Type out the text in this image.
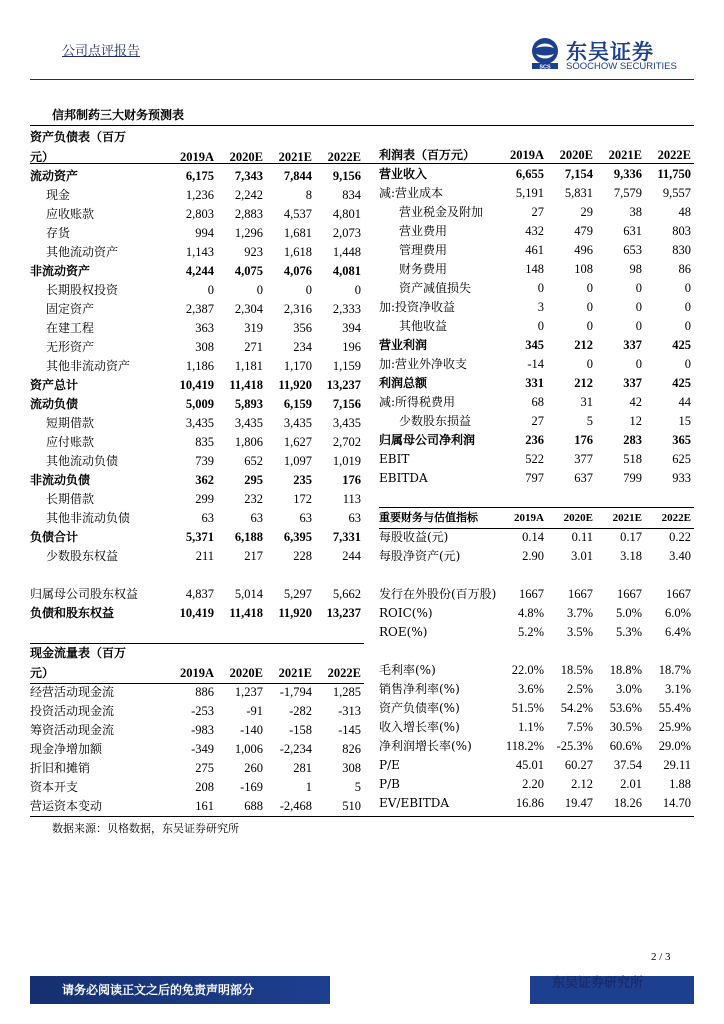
公司点评报告
SCS
东吴证券
SOOCHOW SECURITIES
信邦制药三大财务预测表
资产负债表（百万				
元）	2019A	2020E	2021E	2022E
流动资产	6,175	7,343	7,844	9,156
现金	1,236	2,242	8	834
应收账款	2,803	2,883	4,537	4,801
存货	994	1,296	1,681	2,073
其他流动资产	1,143	923	1,618	1,448
非流动资产	4,244	4,075	4,076	4,081
长期股权投资	0	0	0	0
固定资产	2,387	2,304	2,316	2,333
在建工程	363	319	356	394
无形资产	308	271	234	196
其他非流动资产	1,186	1,181	1,170	1,159
资产总计	10,419	11,418	11,920	13,237
流动负债	5,009	5,893	6,159	7,156
短期借款	3,435	3,435	3,435	3,435
应付账款	835	1,806	1,627	2,702
其他流动负债	739	652	1,097	1,019
非流动负债	362	295	235	176
长期借款	299	232	172	113
其他非流动负债	63	63	63	63
负债合计	5,371	6,188	6,395	7,331
少数股东权益	211	217	228	244
归属母公司股东权益	4,837	5,014	5,297	5,662
负债和股东权益	10,419	11,418	11,920	13,237
利润表（百万元）	2019A	2020E	2021E	2022E
营业收入	6,655	7,154	9,336	11,750
减:营业成本	5,191	5,831	7,579	9,557
营业税金及附加	27	29	38	48
营业费用	432	479	631	803
管理费用	461	496	653	830
财务费用	148	108	98	86
资产减值损失	0	0	0	0
加:投资净收益	3	0	0	0
其他收益	0	0	0	0
营业利润	345	212	337	425
加:营业外净收支	-14	0	0	0
利润总额	331	212	337	425
减:所得税费用	68	31	42	44
少数股东损益	27	5	12	15
归属母公司净利润	236	176	283	365
EBIT	522	377	518	625
EBITDA	797	637	799	933
重要财务与估值指标	2019A	2020E	2021E	2022E
每股收益(元)	0.14	0.11	0.17	0.22
每股净资产(元)	2.90	3.01	3.18	3.40
发行在外股份(百万股)	1667	1667	1667	1667
ROIC(%)	4.8%	3.7%	5.0%	6.0%
ROE(%)	5.2%	3.5%	5.3%	6.4%
毛利率(%)	22.0%	18.5%	18.8%	18.7%
销售净利率(%)	3.6%	2.5%	3.0%	3.1%
资产负债率(%)	51.5%	54.2%	53.6%	55.4%
收入增长率(%)	1.1%	7.5%	30.5%	25.9%
净利润增长率(%)	118.2%	-25.3%	60.6%	29.0%
P/E	45.01	60.27	37.54	29.11
P/B	2.20	2.12	2.01	1.88
EV/EBITDA	16.86	19.47	18.26	14.70
现金流量表（百万				
元）	2019A	2020E	2021E	2022E
经营活动现金流	886	1,237	-1,794	1,285
投资活动现金流	-253	-91	-282	-313
筹资活动现金流	-983	-140	-158	-145
现金净增加额	-349	1,006	-2,234	826
折旧和摊销	275	260	281	308
资本开支	208	-169	1	5
营运资本变动	161	688	-2,468	510
数据来源：贝格数据，东吴证券研究所
2 / 3
请务必阅读正文之后的免责声明部分	东吴证券研究所
